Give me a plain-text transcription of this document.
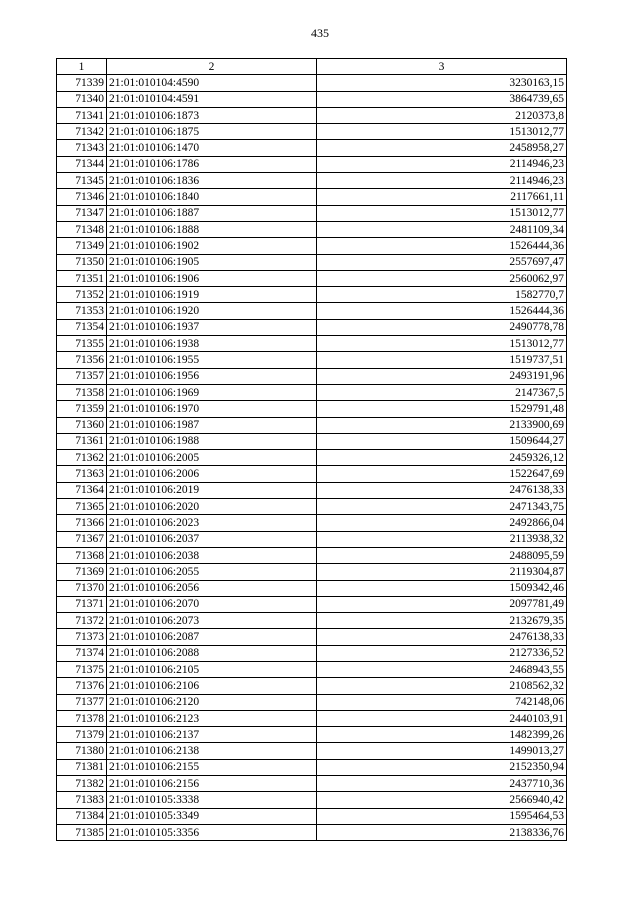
435
1	2	3
71339	21:01:010104:4590	3230163,15
71340	21:01:010104:4591	3864739,65
71341	21:01:010106:1873	2120373,8
71342	21:01:010106:1875	1513012,77
71343	21:01:010106:1470	2458958,27
71344	21:01:010106:1786	2114946,23
71345	21:01:010106:1836	2114946,23
71346	21:01:010106:1840	2117661,11
71347	21:01:010106:1887	1513012,77
71348	21:01:010106:1888	2481109,34
71349	21:01:010106:1902	1526444,36
71350	21:01:010106:1905	2557697,47
71351	21:01:010106:1906	2560062,97
71352	21:01:010106:1919	1582770,7
71353	21:01:010106:1920	1526444,36
71354	21:01:010106:1937	2490778,78
71355	21:01:010106:1938	1513012,77
71356	21:01:010106:1955	1519737,51
71357	21:01:010106:1956	2493191,96
71358	21:01:010106:1969	2147367,5
71359	21:01:010106:1970	1529791,48
71360	21:01:010106:1987	2133900,69
71361	21:01:010106:1988	1509644,27
71362	21:01:010106:2005	2459326,12
71363	21:01:010106:2006	1522647,69
71364	21:01:010106:2019	2476138,33
71365	21:01:010106:2020	2471343,75
71366	21:01:010106:2023	2492866,04
71367	21:01:010106:2037	2113938,32
71368	21:01:010106:2038	2488095,59
71369	21:01:010106:2055	2119304,87
71370	21:01:010106:2056	1509342,46
71371	21:01:010106:2070	2097781,49
71372	21:01:010106:2073	2132679,35
71373	21:01:010106:2087	2476138,33
71374	21:01:010106:2088	2127336,52
71375	21:01:010106:2105	2468943,55
71376	21:01:010106:2106	2108562,32
71377	21:01:010106:2120	742148,06
71378	21:01:010106:2123	2440103,91
71379	21:01:010106:2137	1482399,26
71380	21:01:010106:2138	1499013,27
71381	21:01:010106:2155	2152350,94
71382	21:01:010106:2156	2437710,36
71383	21:01:010105:3338	2566940,42
71384	21:01:010105:3349	1595464,53
71385	21:01:010105:3356	2138336,76
